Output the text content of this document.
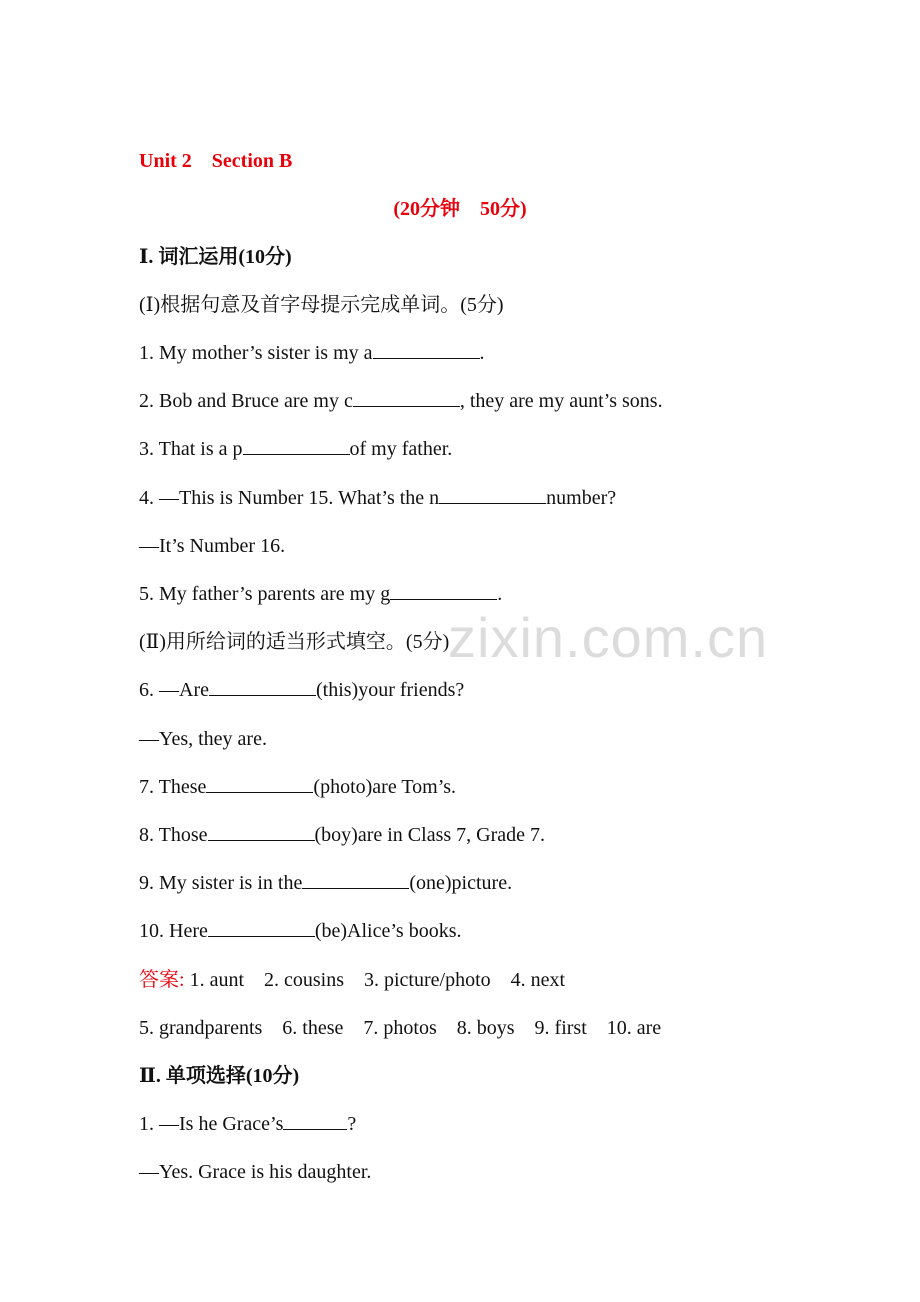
zixin.com.cn
Unit 2 Section B
(20分钟　50分)
Ⅰ. 词汇运用(10分)
(Ⅰ)根据句意及首字母提示完成单词。(5分)
1. My mother’s sister is my a	.
2. Bob and Bruce are my c	, they are my aunt’s sons.
3. That is a p	of my father.
4. —This is Number 15. What’s the n	number?
—It’s Number 16.
5. My father’s parents are my g	.
(Ⅱ)用所给词的适当形式填空。(5分)
6. —Are	(this)your friends?
—Yes, they are.
7. These	(photo)are Tom’s.
8. Those	(boy)are in Class 7, Grade 7.
9. My sister is in the	(one)picture.
10. Here	(be)Alice’s books.
答案: 1. aunt 2. cousins 3. picture/photo 4. next
5. grandparents 6. these 7. photos 8. boys 9. first 10. are
Ⅱ. 单项选择(10分)
1. —Is he Grace’s	?
—Yes. Grace is his daughter.
